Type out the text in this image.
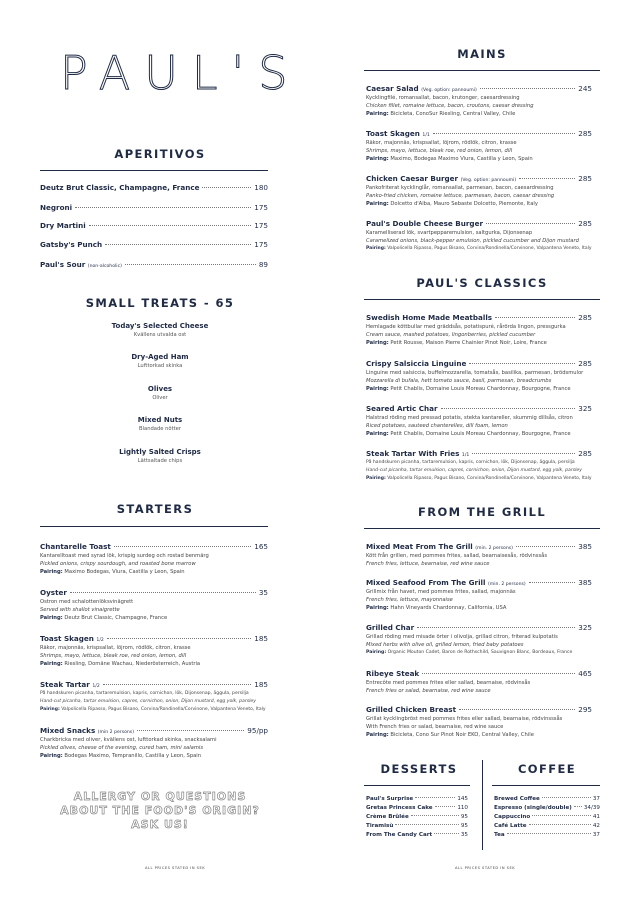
PAUL'S
APERITIVOS
Deutz Brut Classic, Champagne, France	180
Negroni	175
Dry Martini	175
Gatsby's Punch	175
Paul's Sour (non-alcoholic)	89
SMALL TREATS - 65
Today's Selected Cheese
Kvällens utvalda ost
Dry-Aged Ham
Lufttorkad skinka
Olives
Oliver
Mixed Nuts
Blandade nötter
Lightly Salted Crisps
Lättsaltade chips
STARTERS
Chantarelle Toast	165
Kantarelltoast med syrad lök, krispig surdeg och rostad benmärg
Pickled onions, crispy sourdough, and roasted bone marrow
Pairing: Maximo Bodegas, Viura, Castilla y Leon, Spain
Oyster	35
Ostron med schalottenlöksvinägrett
Served with shallot vinaigrette
Pairing: Deutz Brut Classic, Champagne, France
Toast Skagen 1/2	185
Räkor, majonnäs, krispsallat, löjrom, rödlök, citron, krasse
Shrimps, mayo, lettuce, bleak roe, red onion, lemon, dill
Pairing: Riesling, Domäne Wachau, Niederösterreich, Austria
Steak Tartar 1/2	185
På handskuren picanha, tartaremulsion, kapris, cornichon, lök, Dijonsenap, äggula, persilja
Hand-cut picanha, tartar emulsion, capres, cornichon, onion, Dijon mustard, egg yolk, parsley
Pairing: Valpolicella Ripasso, Pagus Bisano, Corvina/Rondinella/Corvinone, Valpantena Veneto, Italy
Mixed Snacks (min 2 persons)	95/pp
Charkbricka med oliver, kvällens ost, lufttorkad skinka, snacksalami
Pickled olives, cheese of the evening, cured ham, mini salamis
Pairing: Bodegas Maximo, Tempranillo, Castilla y Leon, Spain
ALLERGY OR QUESTIONS
ABOUT THE FOOD'S ORIGIN?
ASK US!
ALL PRICES STATED IN SEK
MAINS
Caesar Salad (Veg. option: pannoumi)	245
Kycklingfilé, romansallat, bacon, krutonger, caesardressing
Chicken fillet, romaine lettuce, bacon, croutons, caesar dressing
Pairing: Bicicleta, ConoSur Riesling, Central Valley, Chile
Toast Skagen 1/1	285
Räkor, majonnäs, krispsallat, löjrom, rödlök, citron, krasse
Shrimps, mayo, lettuce, bleak roe, red onion, lemon, dill
Pairing: Maximo, Bodegas Maximo Viura, Castilla y Leon, Spain
Chicken Caesar Burger (Veg. option: pannoumi)	285
Pankofriterat kycklinglår, romansallat, parmesan, bacon, caesardressing
Panko-fried chicken, romaine lettuce, parmesan, bacon, caesar dressing
Pairing: Dolcetto d'Alba, Mauro Sebaste Dolcetto, Piemonte, Italy
Paul's Double Cheese Burger	285
Karamelliserad lök, svartpepparemulsion, saltgurka, Dijonsenap
Caramelized onions, black-pepper emulsion, pickled cucumber and Dijon mustard
Pairing: Valpolicella Ripasso, Pagus Bisano, Corvina/Rondinella/Corvinone, Valpantena Veneto, Italy
PAUL'S CLASSICS
Swedish Home Made Meatballs	285
Hemlagade köttbullar med gräddsås, potatispuré, rårörda lingon, pressgurka
Cream sauce, mashed potatoes, lingonberries, pickled cucumber
Pairing: Petit Rousse, Maison Pierre Chainier Pinot Noir, Loire, France
Crispy Salsiccia Linguine	285
Linguine med salsiccia, buffelmozzarella, tomatsås, basilika, parmesan, brödsmulor
Mozzarella di bufala, hett tomato sauce, basil, parmesan, breadcrumbs
Pairing: Petit Chablis, Domaine Louis Moreau Chardonnay, Bourgogne, France
Seared Artic Char	325
Halstrad röding med pressad potatis, stekta kantareller, skummig dillsås, citron
Riced potatoes, sauteed chanterelles, dill foam, lemon
Pairing: Petit Chablis, Domaine Louis Moreau Chardonnay, Bourgogne, France
Steak Tartar With Fries 1/1	285
På handskuren picanha, tartaremulsion, kapris, cornichon, lök, Dijonsenap, äggula, persilja
Hand-cut picanha, tartar emulsion, capres, cornichon, onion, Dijon mustard, egg yolk, parsley
Pairing: Valpolicella Ripasso, Pagus Bisano, Corvina/Rondinella/Corvinone, Valpantena Veneto, Italy
FROM THE GRILL
Mixed Meat From The Grill (min. 2 persons)	385
Kött från grillen, med pommes frites, sallad, bearnaisesås, rödvinssås
French fries, lettuce, bearnaise, red wine sauce
Mixed Seafood From The Grill (min. 2 persons)	385
Grillmix från havet, med pommes frites, sallad, majonnäs
French fries, lettuce, mayonnaise
Pairing: Hahn Vineyards Chardonnay, California, USA
Grilled Char	325
Grillad röding med misade örter i olivolja, grillad citron, friterad kulpotatis
Mixed herbs with olive oil, grilled lemon, fried baby potatoes
Pairing: Organic Mouton Cadet, Baron de Rothschild, Sauvignon Blanc, Bordeaux, France
Ribeye Steak	465
Entrecôte med pommes frites eller sallad, bearnaise, rödvinsås
French fries or salad, bearnaise, red wine sauce
Grilled Chicken Breast	295
Grillat kycklingbröst med pommes frites eller sallad, bearnaise, rödvinsssås
With French fries or salad, bearnaise, red wine sauce
Pairing: Bicicleta, Cono Sur Pinot Noir EKO, Central Valley, Chile
DESSERTS
Paul's Surprise	145
Gretas Princess Cake	110
Crème Brûlée	95
Tiramisù	95
From The Candy Cart	35
COFFEE
Brewed Coffee	37
Espresso (single/double) 34/39
Cappuccino	41
Café Latte	42
Tea	37
ALL PRICES STATED IN SEK
